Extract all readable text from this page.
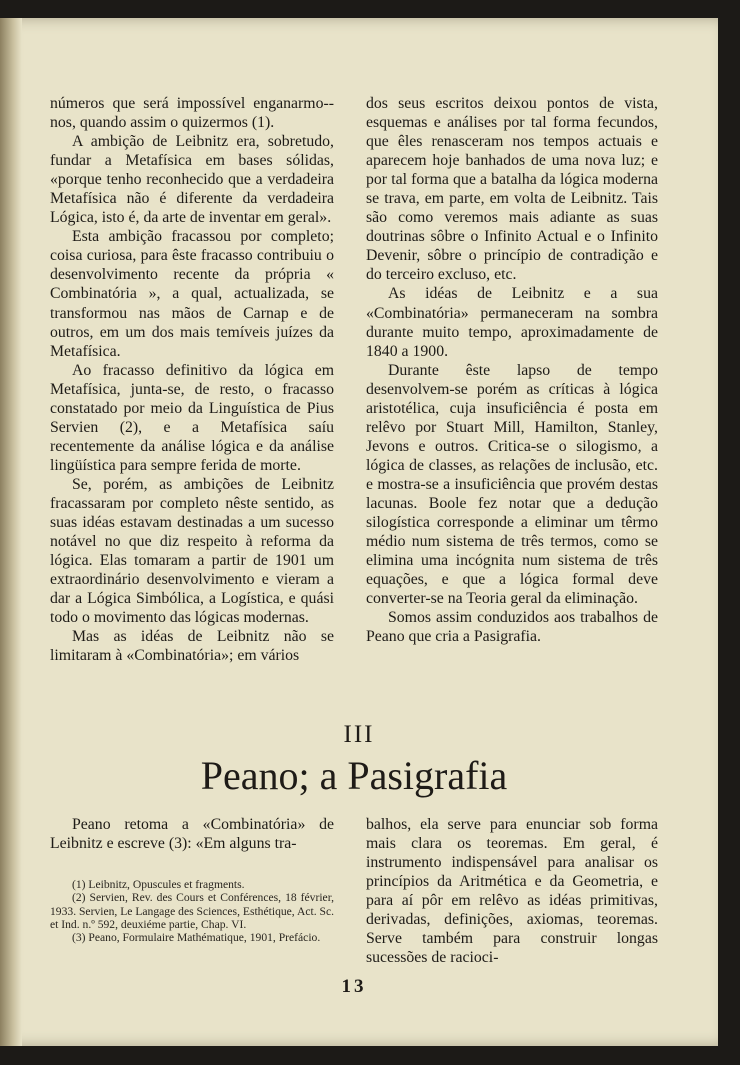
números que será impossível enganarmo--nos, quando assim o quizermos (1).

A ambição de Leibnitz era, sobretudo, fundar a Metafísica em bases sólidas, «porque tenho reconhecido que a verdadeira Metafísica não é diferente da verdadeira Lógica, isto é, da arte de inventar em geral».

Esta ambição fracassou por completo; coisa curiosa, para êste fracasso contribuiu o desenvolvimento recente da própria « Combinatória », a qual, actualizada, se transformou nas mãos de Carnap e de outros, em um dos mais temíveis juízes da Metafísica.

Ao fracasso definitivo da lógica em Metafísica, junta-se, de resto, o fracasso constatado por meio da Linguística de Pius Servien (2), e a Metafísica saíu recentemente da análise lógica e da análise lingüística para sempre ferida de morte.

Se, porém, as ambições de Leibnitz fracassaram por completo nêste sentido, as suas idéas estavam destinadas a um sucesso notável no que diz respeito à reforma da lógica. Elas tomaram a partir de 1901 um extraordinário desenvolvimento e vieram a dar a Lógica Simbólica, a Logística, e quási todo o movimento das lógicas modernas.

Mas as idéas de Leibnitz não se limitaram à «Combinatória»; em vários

dos seus escritos deixou pontos de vista, esquemas e análises por tal forma fecundos, que êles renasceram nos tempos actuais e aparecem hoje banhados de uma nova luz; e por tal forma que a batalha da lógica moderna se trava, em parte, em volta de Leibnitz. Tais são como veremos mais adiante as suas doutrinas sôbre o Infinito Actual e o Infinito Devenir, sôbre o princípio de contradição e do terceiro excluso, etc.

As idéas de Leibnitz e a sua «Combinatória» permaneceram na sombra durante muito tempo, aproximadamente de 1840 a 1900.

Durante êste lapso de tempo desenvolvem-se porém as críticas à lógica aristotélica, cuja insuficiência é posta em relêvo por Stuart Mill, Hamilton, Stanley, Jevons e outros. Critica-se o silogismo, a lógica de classes, as relações de inclusão, etc. e mostra-se a insuficiência que provém destas lacunas. Boole fez notar que a dedução silogística corresponde a eliminar um têrmo médio num sistema de três termos, como se elimina uma incógnita num sistema de três equações, e que a lógica formal deve converter-se na Teoria geral da eliminação.

Somos assim conduzidos aos trabalhos de Peano que cria a Pasigrafia.

III
Peano; a Pasigrafia

Peano retoma a «Combinatória» de Leibnitz e escreve (3): «Em alguns tra-

balhos, ela serve para enunciar sob forma mais clara os teoremas. Em geral, é instrumento indispensável para analisar os princípios da Aritmética e da Geometria, e para aí pôr em relêvo as idéas primitivas, derivadas, definições, axiomas, teoremas. Serve também para construir longas sucessões de racioci-

(1) Leibnitz, Opuscules et fragments.

(2) Servien, Rev. des Cours et Conférences, 18 février, 1933. Servien, Le Langage des Sciences, Esthétique, Act. Sc. et Ind. n.º 592, deuxiéme partie, Chap. VI.

(3) Peano, Formulaire Mathématique, 1901, Prefácio.

13
